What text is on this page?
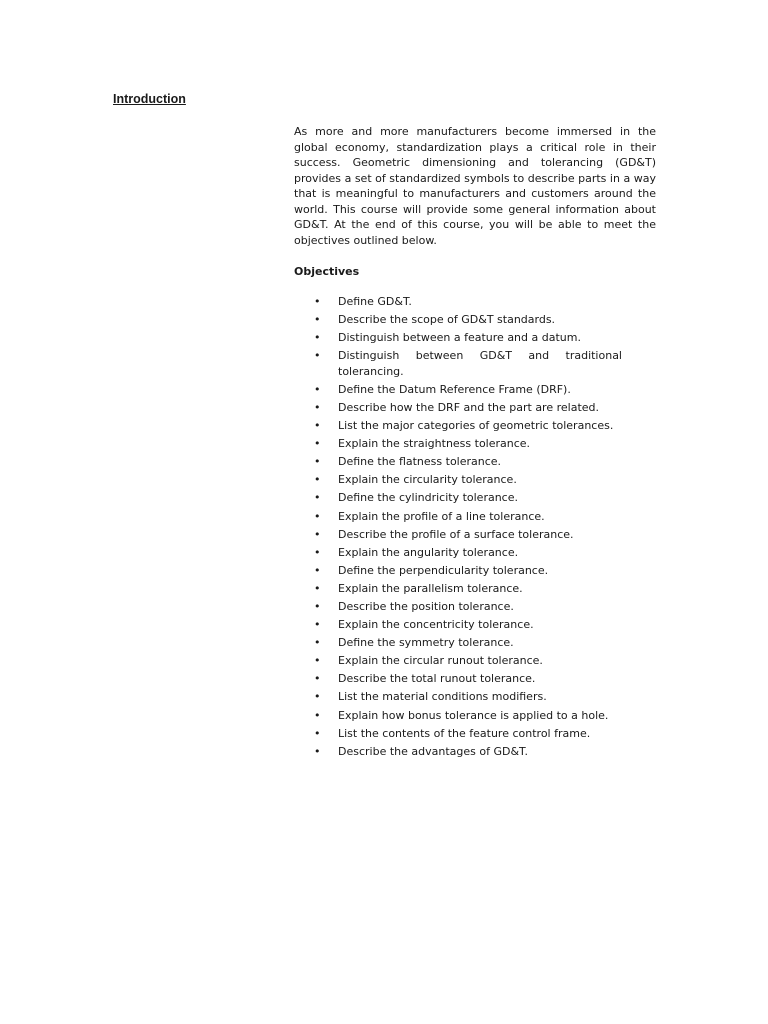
Introduction

As more and more manufacturers become immersed in the global economy, standardization plays a critical role in their success. Geometric dimensioning and tolerancing (GD&T) provides a set of standardized symbols to describe parts in a way that is meaningful to manufacturers and customers around the world. This course will provide some general information about GD&T. At the end of this course, you will be able to meet the objectives outlined below.

Objectives
• Define GD&T.
• Describe the scope of GD&T standards.
• Distinguish between a feature and a datum.
• Distinguish between GD&T and traditional tolerancing.
• Define the Datum Reference Frame (DRF).
• Describe how the DRF and the part are related.
• List the major categories of geometric tolerances.
• Explain the straightness tolerance.
• Define the flatness tolerance.
• Explain the circularity tolerance.
• Define the cylindricity tolerance.
• Explain the profile of a line tolerance.
• Describe the profile of a surface tolerance.
• Explain the angularity tolerance.
• Define the perpendicularity tolerance.
• Explain the parallelism tolerance.
• Describe the position tolerance.
• Explain the concentricity tolerance.
• Define the symmetry tolerance.
• Explain the circular runout tolerance.
• Describe the total runout tolerance.
• List the material conditions modifiers.
• Explain how bonus tolerance is applied to a hole.
• List the contents of the feature control frame.
• Describe the advantages of GD&T.
